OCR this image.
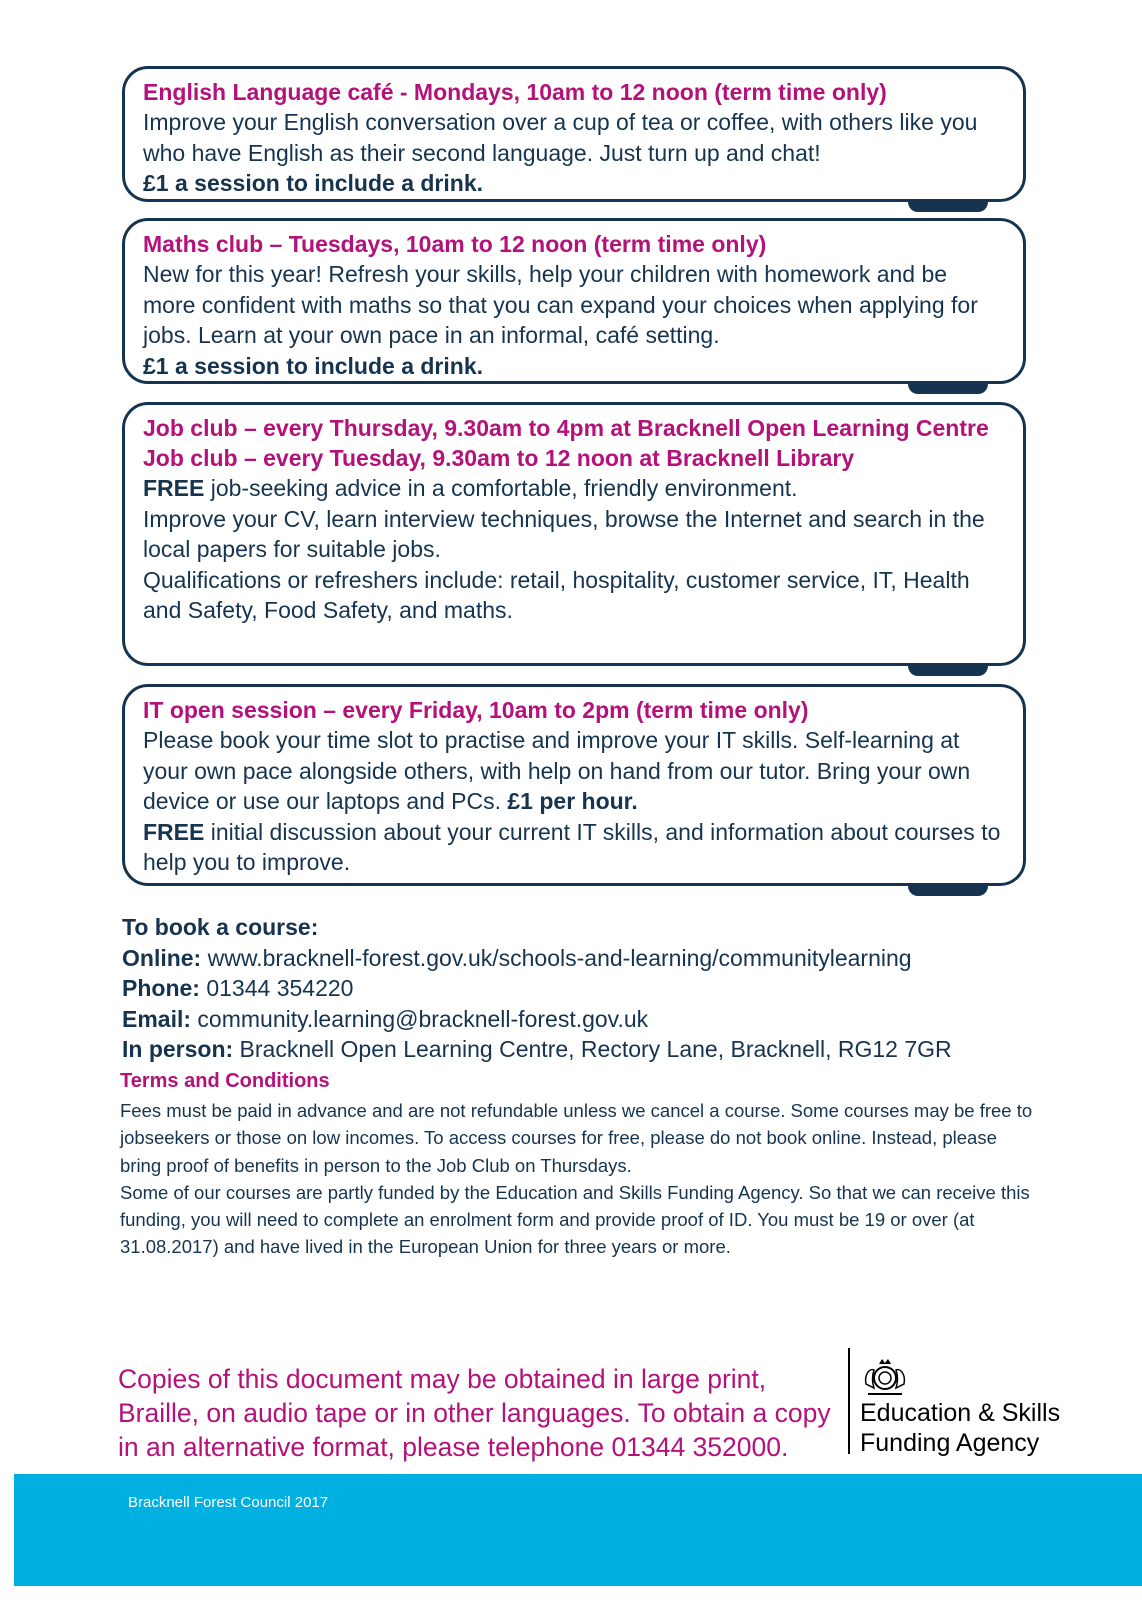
English Language café - Mondays, 10am to 12 noon (term time only)

Improve your English conversation over a cup of tea or coffee, with others like you who have English as their second language. Just turn up and chat!

£1 a session to include a drink.

Maths club – Tuesdays, 10am to 12 noon (term time only)

New for this year! Refresh your skills, help your children with homework and be more confident with maths so that you can expand your choices when applying for jobs. Learn at your own pace in an informal, café setting.

£1 a session to include a drink.

Job club – every Thursday, 9.30am to 4pm at Bracknell Open Learning Centre

Job club – every Tuesday, 9.30am to 12 noon at Bracknell Library

FREE job-seeking advice in a comfortable, friendly environment.

Improve your CV, learn interview techniques, browse the Internet and search in the local papers for suitable jobs.

Qualifications or refreshers include: retail, hospitality, customer service, IT, Health and Safety, Food Safety, and maths.

IT open session – every Friday, 10am to 2pm (term time only)

Please book your time slot to practise and improve your IT skills. Self-learning at your own pace alongside others, with help on hand from our tutor. Bring your own device or use our laptops and PCs. £1 per hour.

FREE initial discussion about your current IT skills, and information about courses to help you to improve.

To book a course:

Online: www.bracknell-forest.gov.uk/schools-and-learning/communitylearning

Phone: 01344 354220

Email: community.learning@bracknell-forest.gov.uk

In person: Bracknell Open Learning Centre, Rectory Lane, Bracknell, RG12 7GR

Terms and Conditions

Fees must be paid in advance and are not refundable unless we cancel a course. Some courses may be free to jobseekers or those on low incomes. To access courses for free, please do not book online. Instead, please bring proof of benefits in person to the Job Club on Thursdays.

Some of our courses are partly funded by the Education and Skills Funding Agency. So that we can receive this funding, you will need to complete an enrolment form and provide proof of ID. You must be 19 or over (at 31.08.2017) and have lived in the European Union for three years or more.

Copies of this document may be obtained in large print, Braille, on audio tape or in other languages. To obtain a copy in an alternative format, please telephone 01344 352000.

Education & Skills
Funding Agency
Bracknell Forest Council 2017
